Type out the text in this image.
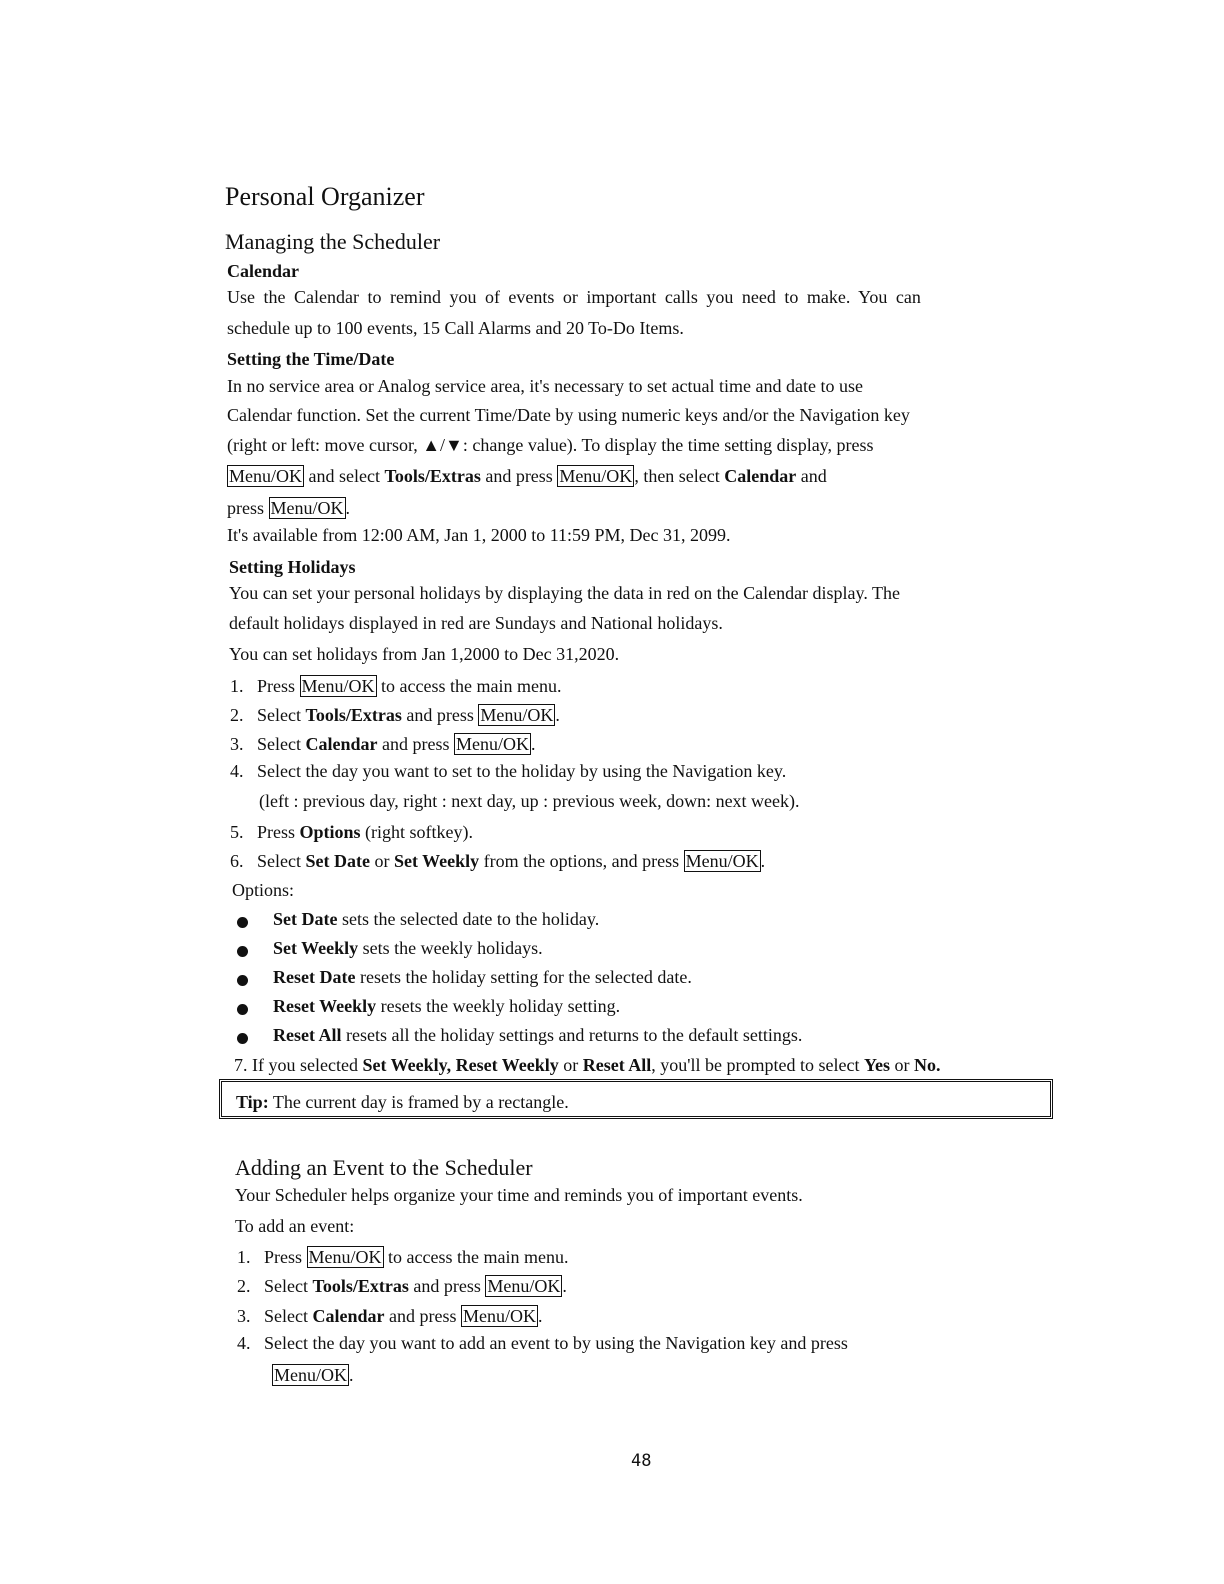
Personal Organizer
Managing the Scheduler
Calendar
Use the Calendar to remind you of events or important calls you need to make. You can
schedule up to 100 events, 15 Call Alarms and 20 To-Do Items.
Setting the Time/Date
In no service area or Analog service area, it's necessary to set actual time and date to use
Calendar function. Set the current Time/Date by using numeric keys and/or the Navigation key
(right or left: move cursor, ▲/▼: change value). To display the time setting display, press
Menu/OK and select Tools/Extras and press Menu/OK , then select Calendar and
press Menu/OK .
It's available from 12:00 AM, Jan 1, 2000 to 11:59 PM, Dec 31, 2099.
Setting Holidays
You can set your personal holidays by displaying the data in red on the Calendar display. The
default holidays displayed in red are Sundays and National holidays.
You can set holidays from Jan 1,2000 to Dec 31,2020.
1. Press Menu/OK to access the main menu.
2. Select Tools/Extras and press Menu/OK .
3. Select Calendar and press Menu/OK .
4. Select the day you want to set to the holiday by using the Navigation key.
(left : previous day, right : next day, up : previous week, down: next week).
5. Press Options (right softkey).
6. Select Set Date or Set Weekly from the options, and press Menu/OK .
Options:
Set Date sets the selected date to the holiday.
Set Weekly sets the weekly holidays.
Reset Date resets the holiday setting for the selected date.
Reset Weekly resets the weekly holiday setting.
Reset All resets all the holiday settings and returns to the default settings.
7. If you selected Set Weekly, Reset Weekly or Reset All, you'll be prompted to select Yes or No.
Tip: The current day is framed by a rectangle.
Adding an Event to the Scheduler
Your Scheduler helps organize your time and reminds you of important events.
To add an event:
1. Press Menu/OK to access the main menu.
2. Select Tools/Extras and press Menu/OK .
3. Select Calendar and press Menu/OK .
4. Select the day you want to add an event to by using the Navigation key and press
Menu/OK .
48
